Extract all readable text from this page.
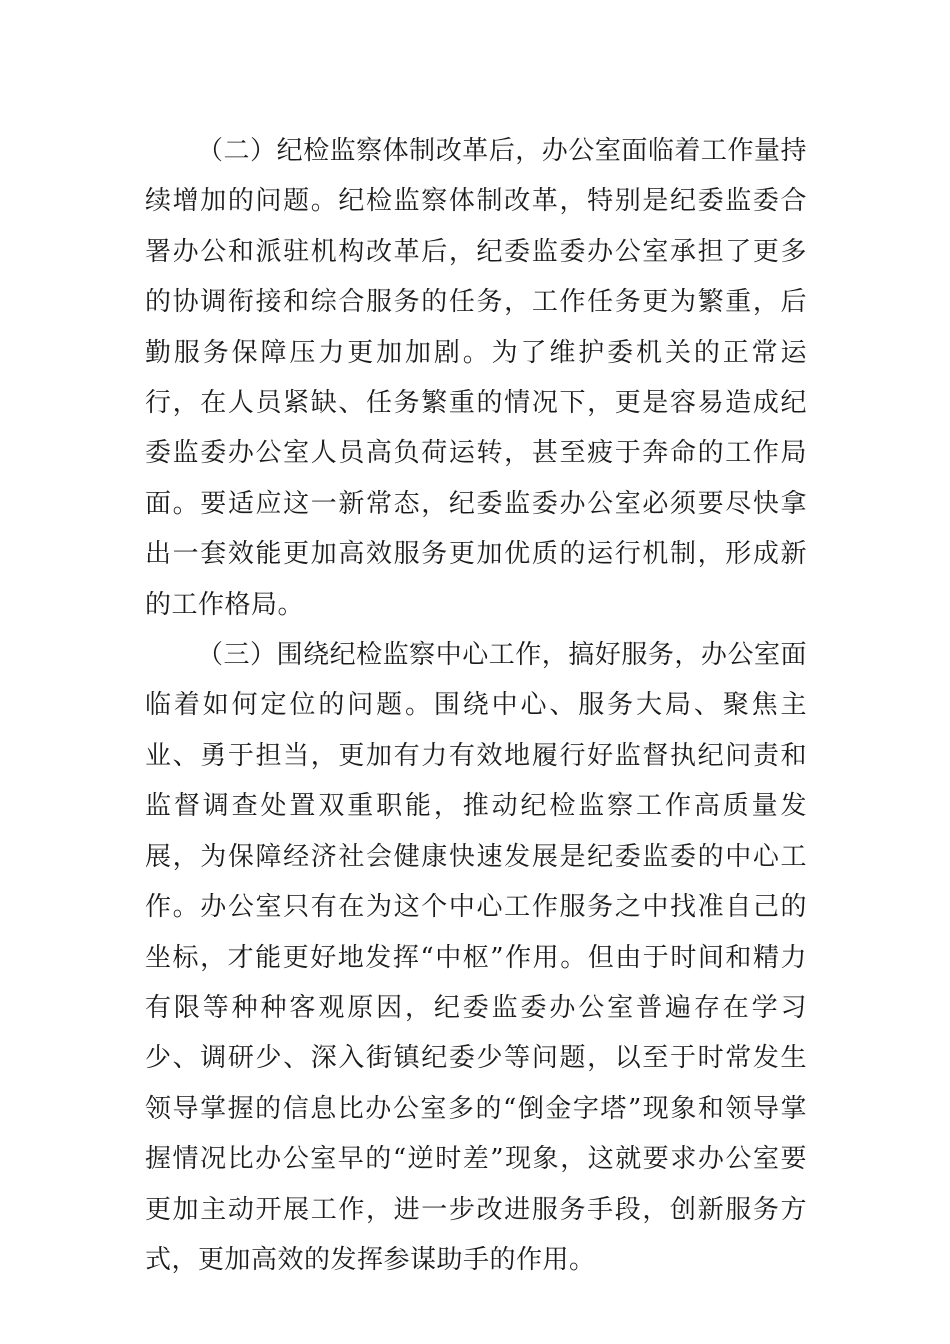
（二）纪检监察体制改革后，办公室面临着工作量持续增加的问题。纪检监察体制改革，特别是纪委监委合署办公和派驻机构改革后，纪委监委办公室承担了更多的协调衔接和综合服务的任务，工作任务更为繁重，后勤服务保障压力更加加剧。为了维护委机关的正常运行，在人员紧缺、任务繁重的情况下，更是容易造成纪委监委办公室人员高负荷运转，甚至疲于奔命的工作局面。要适应这一新常态，纪委监委办公室必须要尽快拿出一套效能更加高效服务更加优质的运行机制，形成新的工作格局。

（三）围绕纪检监察中心工作，搞好服务，办公室面临着如何定位的问题。围绕中心、服务大局、聚焦主业、勇于担当，更加有力有效地履行好监督执纪问责和监督调查处置双重职能，推动纪检监察工作高质量发展，为保障经济社会健康快速发展是纪委监委的中心工作。办公室只有在为这个中心工作服务之中找准自己的坐标，才能更好地发挥“中枢”作用。但由于时间和精力有限等种种客观原因，纪委监委办公室普遍存在学习少、调研少、深入街镇纪委少等问题，以至于时常发生领导掌握的信息比办公室多的“倒金字塔”现象和领导掌握情况比办公室早的“逆时差”现象，这就要求办公室要更加主动开展工作，进一步改进服务手段，创新服务方式，更加高效的发挥参谋助手的作用。
